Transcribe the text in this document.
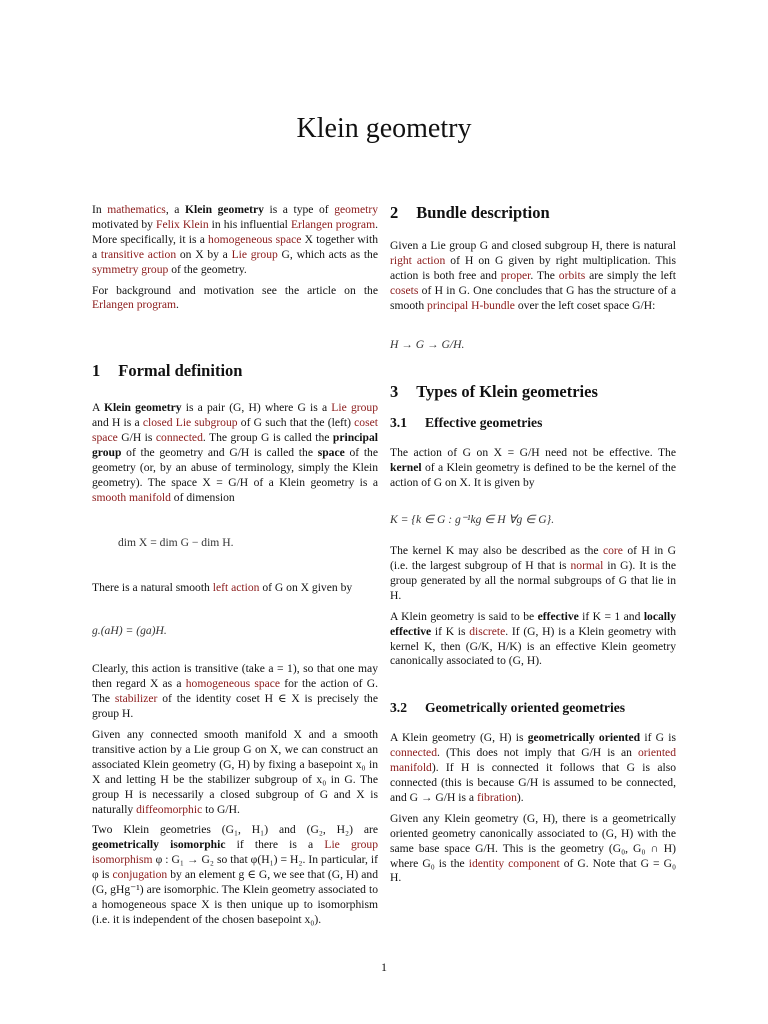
Klein geometry

In mathematics, a Klein geometry is a type of geometry motivated by Felix Klein in his influential Erlangen program. More specifically, it is a homogeneous space X together with a transitive action on X by a Lie group G, which acts as the symmetry group of the geometry.

For background and motivation see the article on the Erlangen program.

1 Formal definition

A Klein geometry is a pair (G, H) where G is a Lie group and H is a closed Lie subgroup of G such that the (left) coset space G/H is connected. The group G is called the principal group of the geometry and G/H is called the space of the geometry (or, by an abuse of terminology, simply the Klein geometry). The space X = G/H of a Klein geometry is a smooth manifold of dimension

dim X = dim G − dim H.

There is a natural smooth left action of G on X given by

g.(aH) = (ga)H.

Clearly, this action is transitive (take a = 1), so that one may then regard X as a homogeneous space for the action of G. The stabilizer of the identity coset H ∈ X is precisely the group H.

Given any connected smooth manifold X and a smooth transitive action by a Lie group G on X, we can construct an associated Klein geometry (G, H) by fixing a basepoint x₀ in X and letting H be the stabilizer subgroup of x₀ in G. The group H is necessarily a closed subgroup of G and X is naturally diffeomorphic to G/H.

Two Klein geometries (G₁, H₁) and (G₂, H₂) are geometrically isomorphic if there is a Lie group isomorphism φ : G₁ → G₂ so that φ(H₁) = H₂. In particular, if φ is conjugation by an element g ∈ G, we see that (G, H) and (G, gHg⁻¹) are isomorphic. The Klein geometry associated to a homogeneous space X is then unique up to isomorphism (i.e. it is independent of the chosen basepoint x₀).

2 Bundle description

Given a Lie group G and closed subgroup H, there is natural right action of H on G given by right multiplication. This action is both free and proper. The orbits are simply the left cosets of H in G. One concludes that G has the structure of a smooth principal H-bundle over the left coset space G/H:

H → G → G/H.
3 Types of Klein geometries
3.1 Effective geometries

The action of G on X = G/H need not be effective. The kernel of a Klein geometry is defined to be the kernel of the action of G on X. It is given by

K = {k ∈ G : g⁻¹kg ∈ H ∀g ∈ G}.

The kernel K may also be described as the core of H in G (i.e. the largest subgroup of H that is normal in G). It is the group generated by all the normal subgroups of G that lie in H.

A Klein geometry is said to be effective if K = 1 and locally effective if K is discrete. If (G, H) is a Klein geometry with kernel K, then (G/K, H/K) is an effective Klein geometry canonically associated to (G, H).

3.2 Geometrically oriented geometries

A Klein geometry (G, H) is geometrically oriented if G is connected. (This does not imply that G/H is an oriented manifold). If H is connected it follows that G is also connected (this is because G/H is assumed to be connected, and G → G/H is a fibration).

Given any Klein geometry (G, H), there is a geometrically oriented geometry canonically associated to (G, H) with the same base space G/H. This is the geometry (G₀, G₀ ∩ H) where G₀ is the identity component of G. Note that G = G₀ H.

1
